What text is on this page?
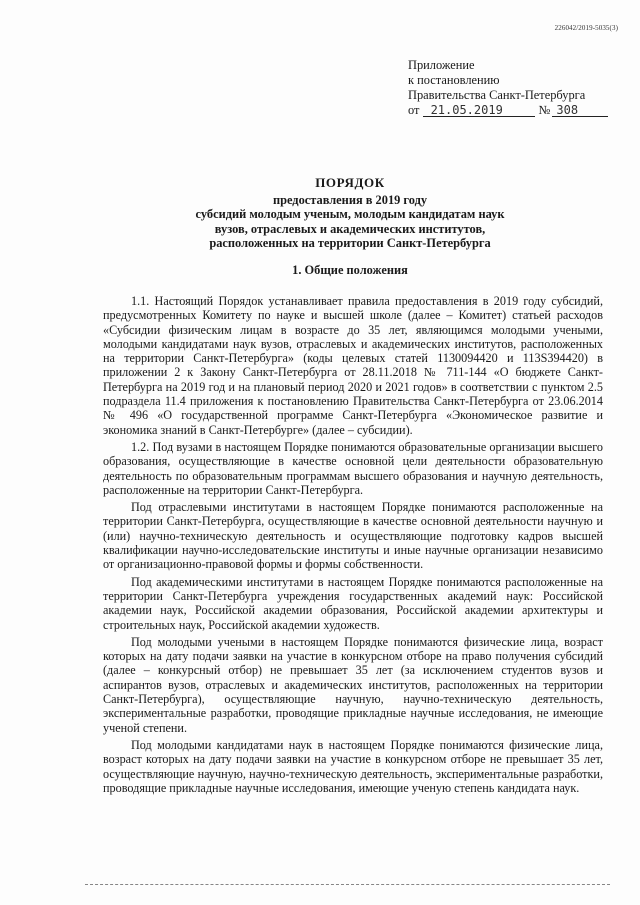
226042/2019-5035(3)
Приложение
к постановлению
Правительства Санкт-Петербурга
от 21.05.2019	№ 308
ПОРЯДОК
предоставления в 2019 году
субсидий молодым ученым, молодым кандидатам наук
вузов, отраслевых и академических институтов,
расположенных на территории Санкт-Петербурга
1. Общие положения

1.1. Настоящий Порядок устанавливает правила предоставления в 2019 году субсидий, предусмотренных Комитету по науке и высшей школе (далее – Комитет) статьей расходов «Субсидии физическим лицам в возрасте до 35 лет, являющимся молодыми учеными, молодыми кандидатами наук вузов, отраслевых и академических институтов, расположенных на территории Санкт-Петербурга» (коды целевых статей 1130094420 и 113S394420) в приложении 2 к Закону Санкт-Петербурга от 28.11.2018 № 711-144 «О бюджете Санкт-Петербурга на 2019 год и на плановый период 2020 и 2021 годов» в соответствии с пунктом 2.5 подраздела 11.4 приложения к постановлению Правительства Санкт-Петербурга от 23.06.2014 № 496 «О государственной программе Санкт-Петербурга «Экономическое развитие и экономика знаний в Санкт-Петербурге» (далее – субсидии).

1.2. Под вузами в настоящем Порядке понимаются образовательные организации высшего образования, осуществляющие в качестве основной цели деятельности образовательную деятельность по образовательным программам высшего образования и научную деятельность, расположенные на территории Санкт-Петербурга.

Под отраслевыми институтами в настоящем Порядке понимаются расположенные на территории Санкт-Петербурга, осуществляющие в качестве основной деятельности научную и (или) научно-техническую деятельность и осуществляющие подготовку кадров высшей квалификации научно-исследовательские институты и иные научные организации независимо от организационно-правовой формы и формы собственности.

Под академическими институтами в настоящем Порядке понимаются расположенные на территории Санкт-Петербурга учреждения государственных академий наук: Российской академии наук, Российской академии образования, Российской академии архитектуры и строительных наук, Российской академии художеств.

Под молодыми учеными в настоящем Порядке понимаются физические лица, возраст которых на дату подачи заявки на участие в конкурсном отборе на право получения субсидий (далее – конкурсный отбор) не превышает 35 лет (за исключением студентов вузов и аспирантов вузов, отраслевых и академических институтов, расположенных на территории Санкт-Петербурга), осуществляющие научную, научно-техническую деятельность, экспериментальные разработки, проводящие прикладные научные исследования, не имеющие ученой степени.

Под молодыми кандидатами наук в настоящем Порядке понимаются физические лица, возраст которых на дату подачи заявки на участие в конкурсном отборе не превышает 35 лет, осуществляющие научную, научно-техническую деятельность, экспериментальные разработки, проводящие прикладные научные исследования, имеющие ученую степень кандидата наук.
